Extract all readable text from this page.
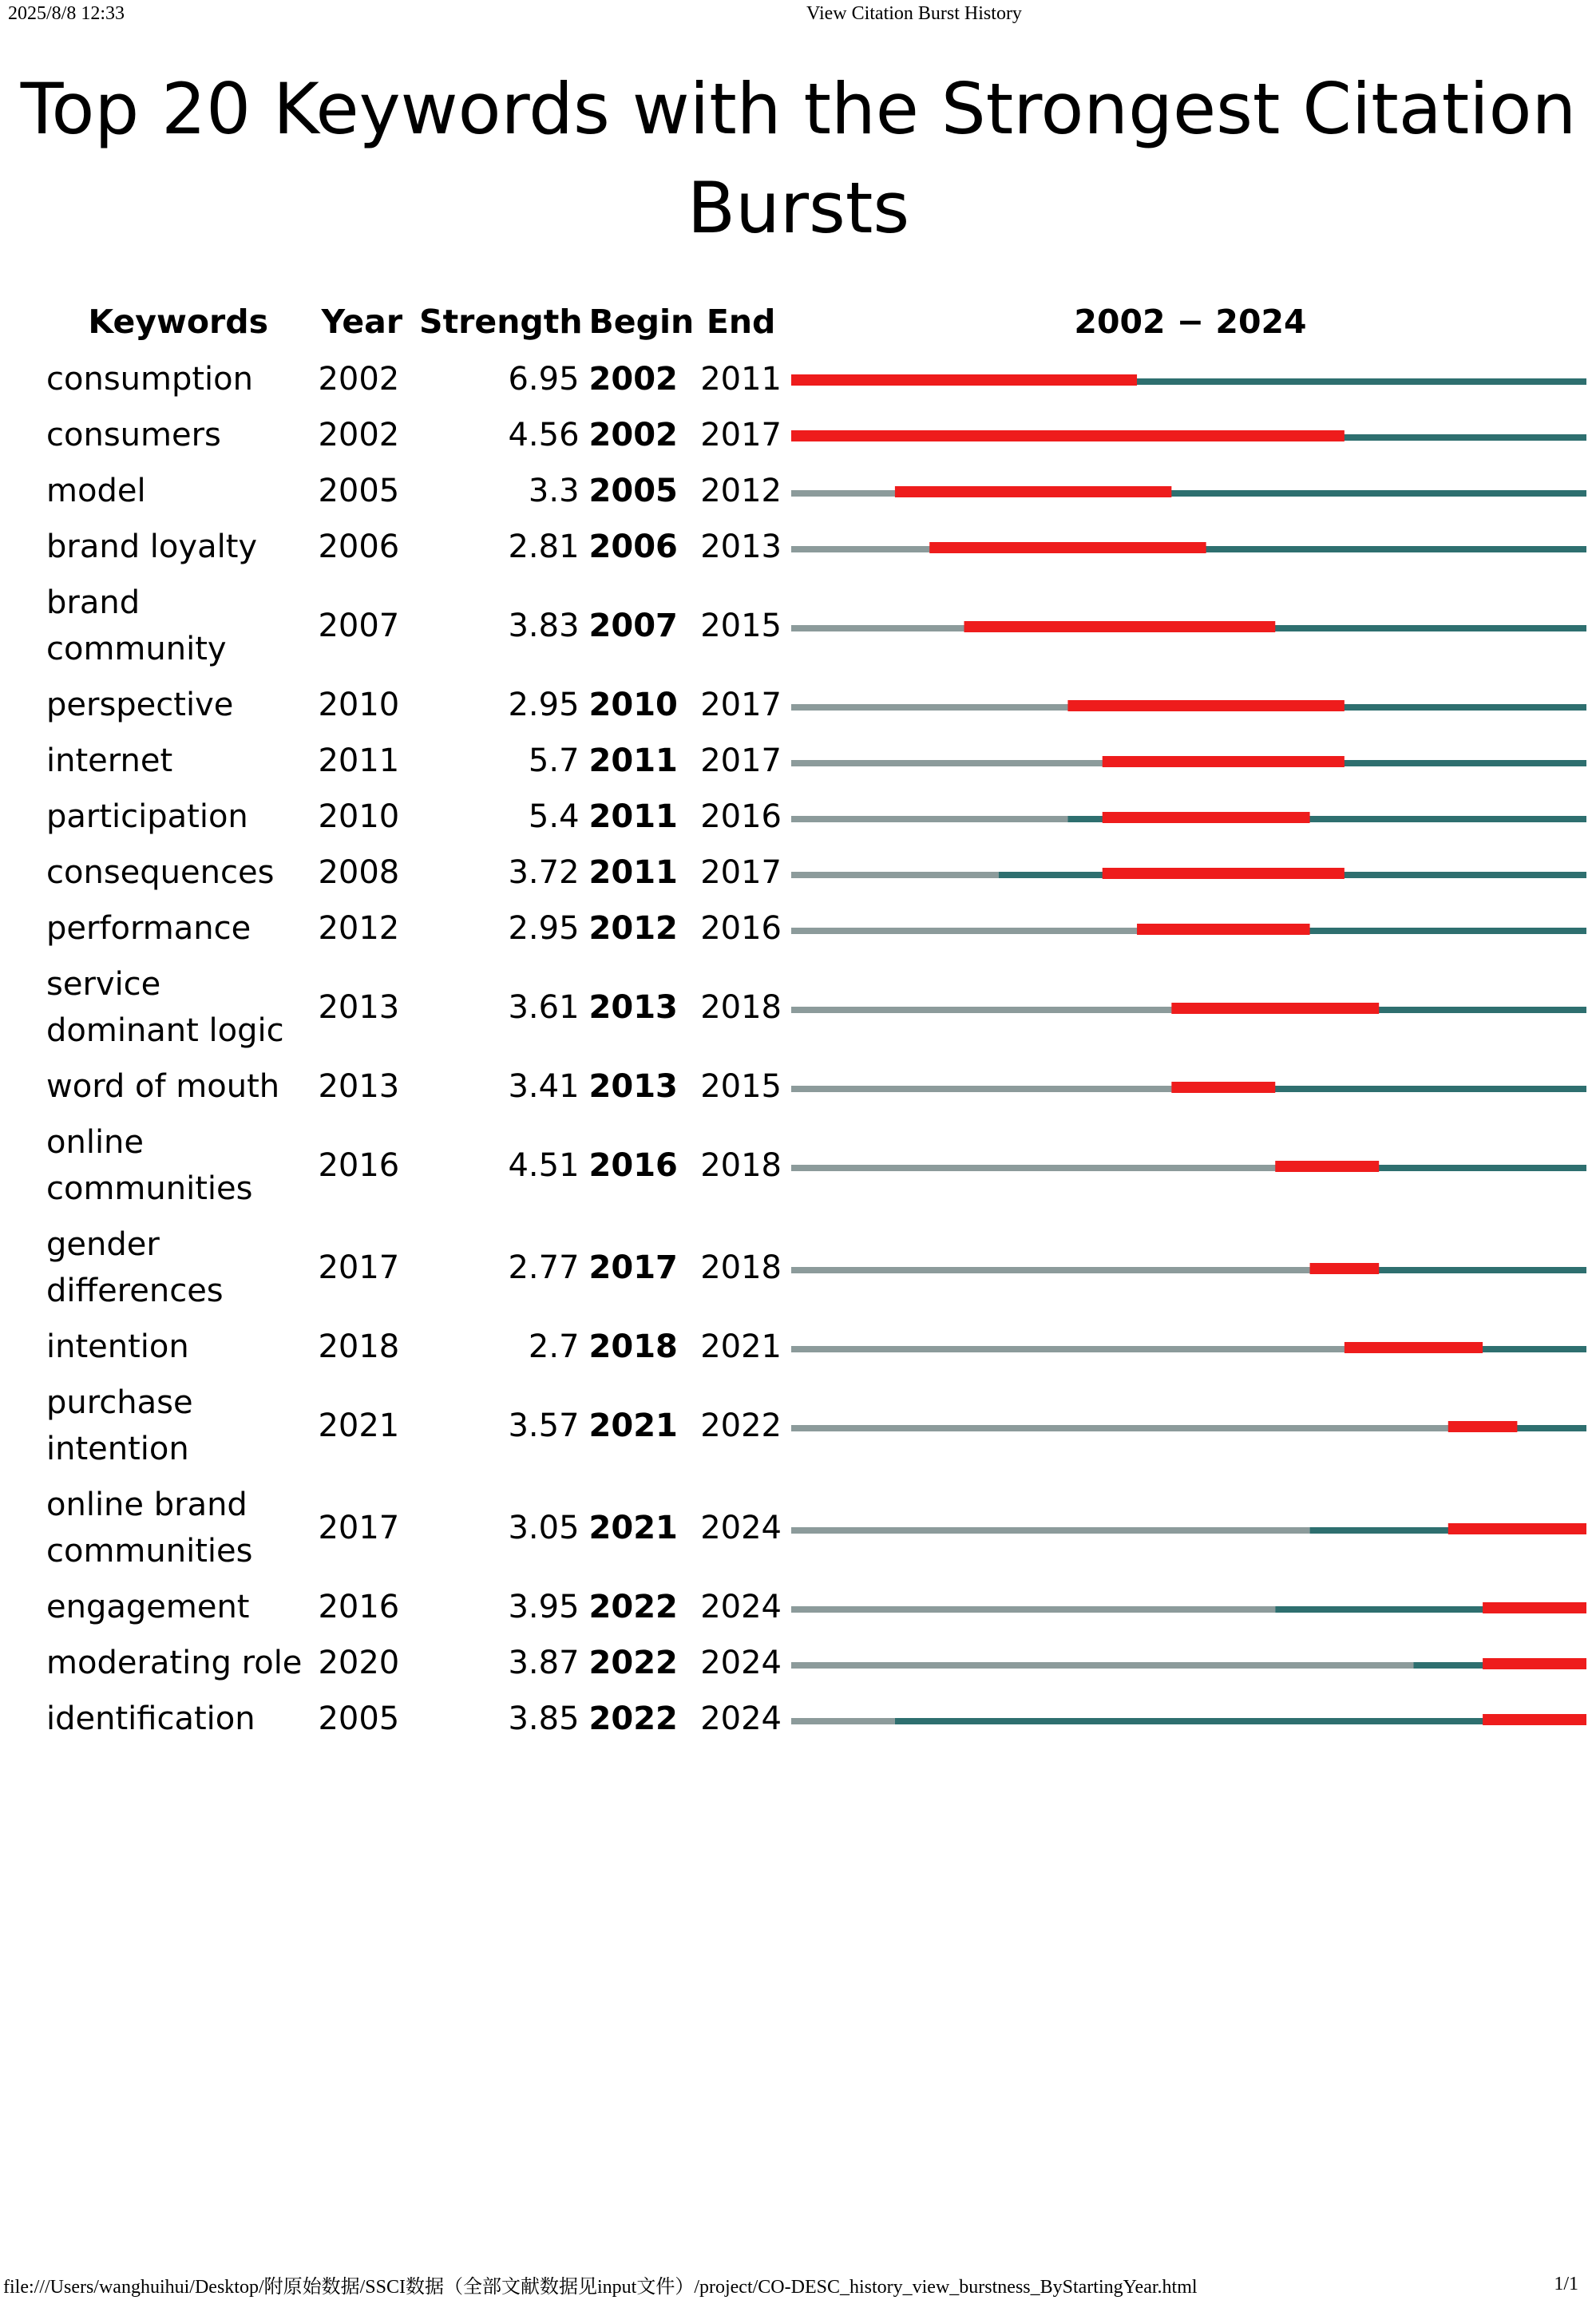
2025/8/8 12:33	View Citation Burst History
Top 20 Keywords with the Strongest Citation Bursts
Keywords	Year	Strength	Begin	End	2002 − 2024
consumption	2002	6.95	2002	2011	

consumers	2002	4.56	2002	2017	

model	2005	3.3	2005	2012	

brand loyalty	2006	2.81	2006	2013	

brand community	2007	3.83	2007	2015	

perspective	2010	2.95	2010	2017	

internet	2011	5.7	2011	2017	

participation	2010	5.4	2011	2016	

consequences	2008	3.72	2011	2017	

performance	2012	2.95	2012	2016	

service dominant logic	2013	3.61	2013	2018	

word of mouth	2013	3.41	2013	2015	

online communities	2016	4.51	2016	2018	

gender differences	2017	2.77	2017	2018	

intention	2018	2.7	2018	2021	

purchase intention	2021	3.57	2021	2022	

online brand communities	2017	3.05	2021	2024	

engagement	2016	3.95	2022	2024	

moderating role	2020	3.87	2022	2024	

identification	2005	3.85	2022	2024	
file:///Users/wanghuihui/Desktop/附原始数据/SSCI数据（全部文献数据见input文件）/project/CO-DESC_history_view_burstness_ByStartingYear.html	1/1
